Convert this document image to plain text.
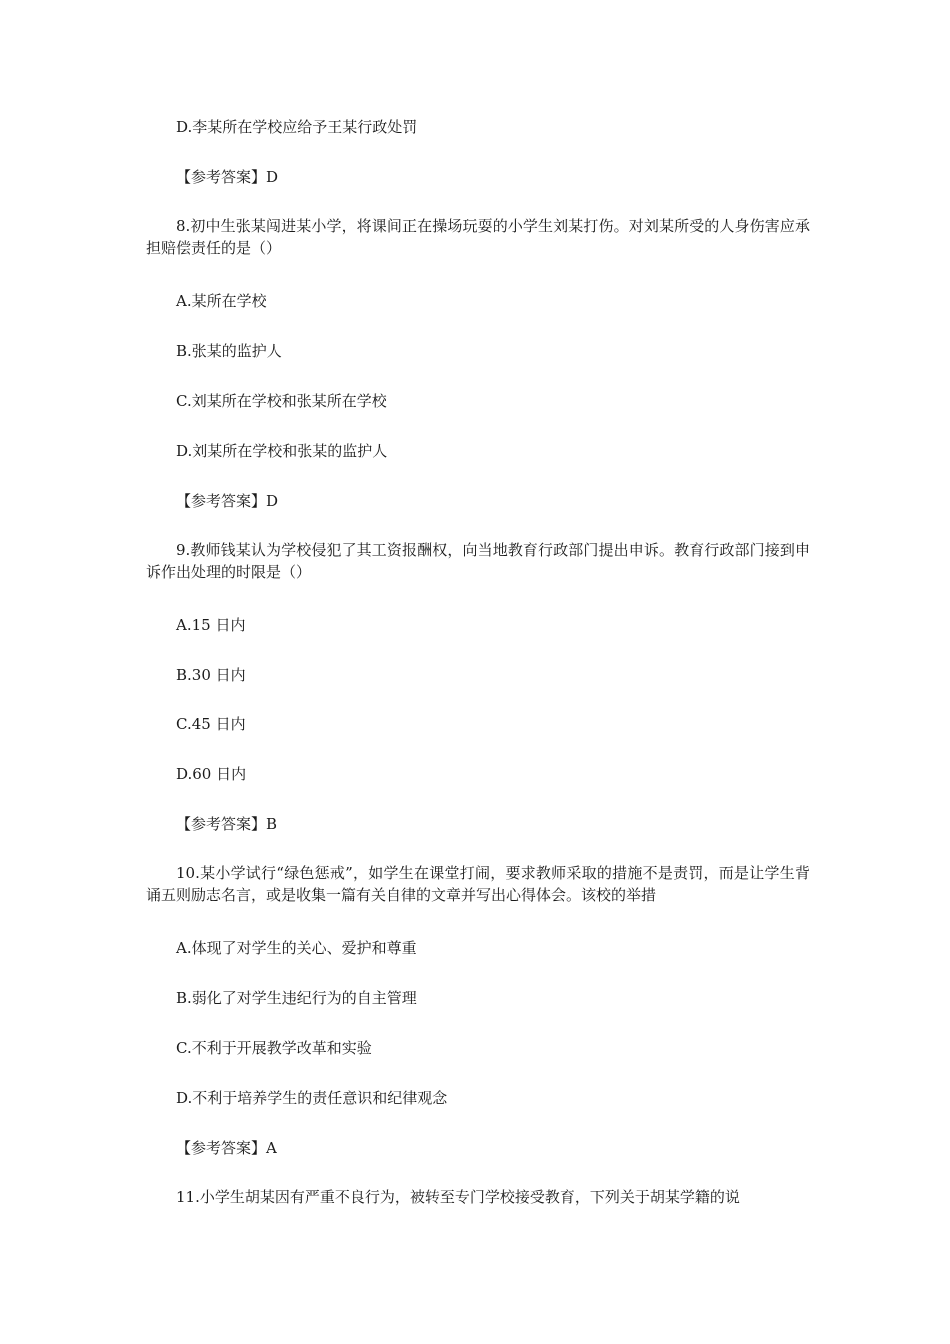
D.李某所在学校应给予王某行政处罚
【参考答案】D
8.初中生张某闯进某小学，将课间正在操场玩耍的小学生刘某打伤。对刘某所受的人身伤害应承担赔偿责任的是（）
A.某所在学校
B.张某的监护人
C.刘某所在学校和张某所在学校
D.刘某所在学校和张某的监护人
【参考答案】D
9.教师钱某认为学校侵犯了其工资报酬权，向当地教育行政部门提出申诉。教育行政部门接到申诉作出处理的时限是（）
A.15 日内
B.30 日内
C.45 日内
D.60 日内
【参考答案】B
10.某小学试行“绿色惩戒”，如学生在课堂打闹，要求教师采取的措施不是责罚，而是让学生背诵五则励志名言，或是收集一篇有关自律的文章并写出心得体会。该校的举措
A.体现了对学生的关心、爱护和尊重
B.弱化了对学生违纪行为的自主管理
C.不利于开展教学改革和实验
D.不利于培养学生的责任意识和纪律观念
【参考答案】A
11.小学生胡某因有严重不良行为，被转至专门学校接受教育，下列关于胡某学籍的说
